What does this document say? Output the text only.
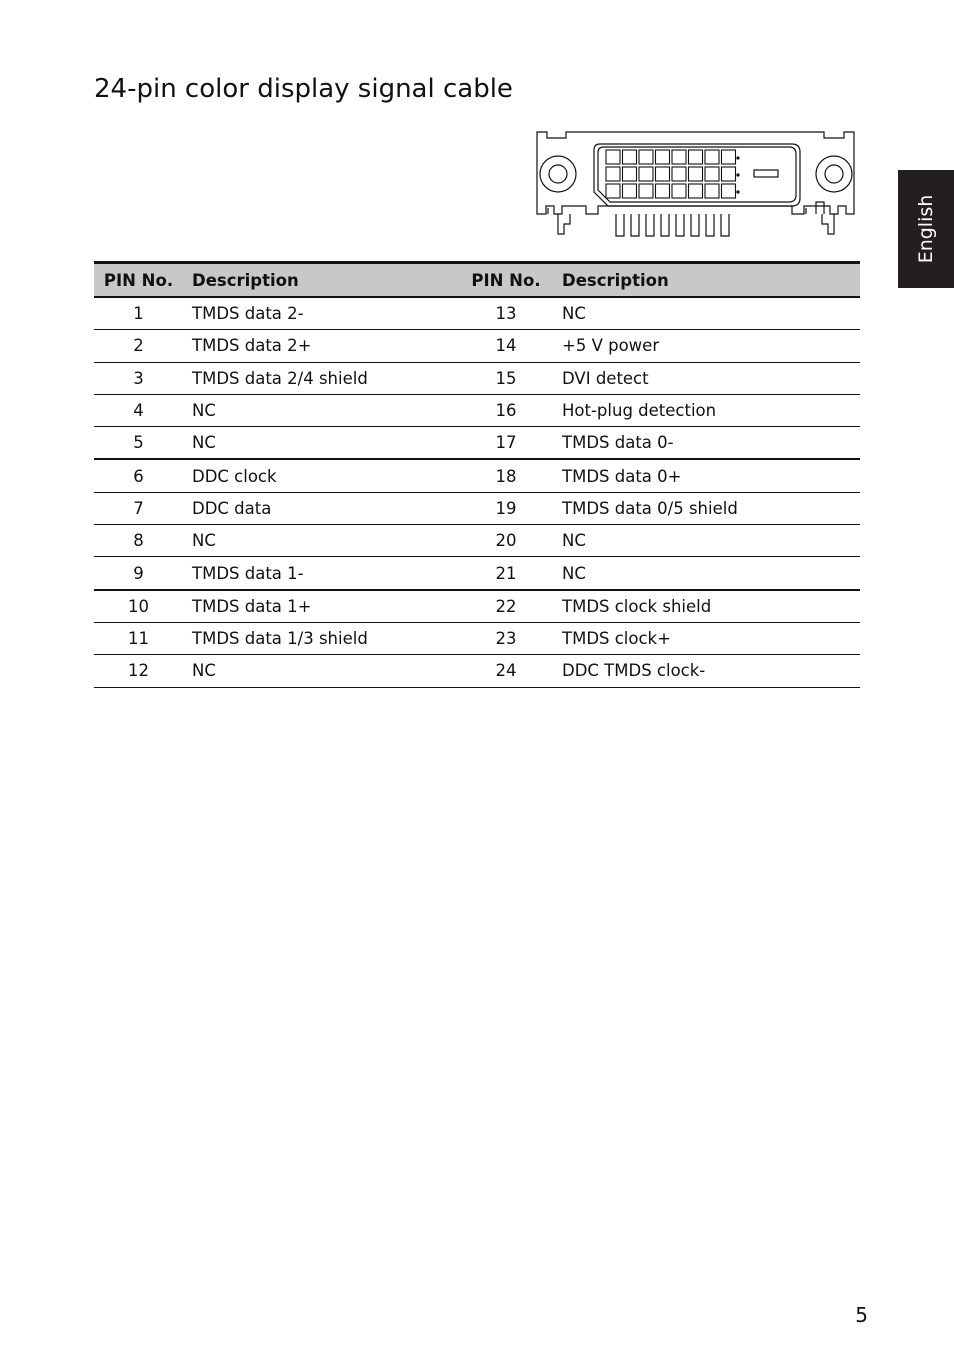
24-pin color display signal cable
English
PIN No.	Description	PIN No.	Description
1	TMDS data 2-	13	NC
2	TMDS data 2+	14	+5 V power
3	TMDS data 2/4 shield	15	DVI detect
4	NC	16	Hot-plug detection
5	NC	17	TMDS data 0-
6	DDC clock	18	TMDS data 0+
7	DDC data	19	TMDS data 0/5 shield
8	NC	20	NC
9	TMDS data 1-	21	NC
10	TMDS data 1+	22	TMDS clock shield
11	TMDS data 1/3 shield	23	TMDS clock+
12	NC	24	DDC TMDS clock-
5
